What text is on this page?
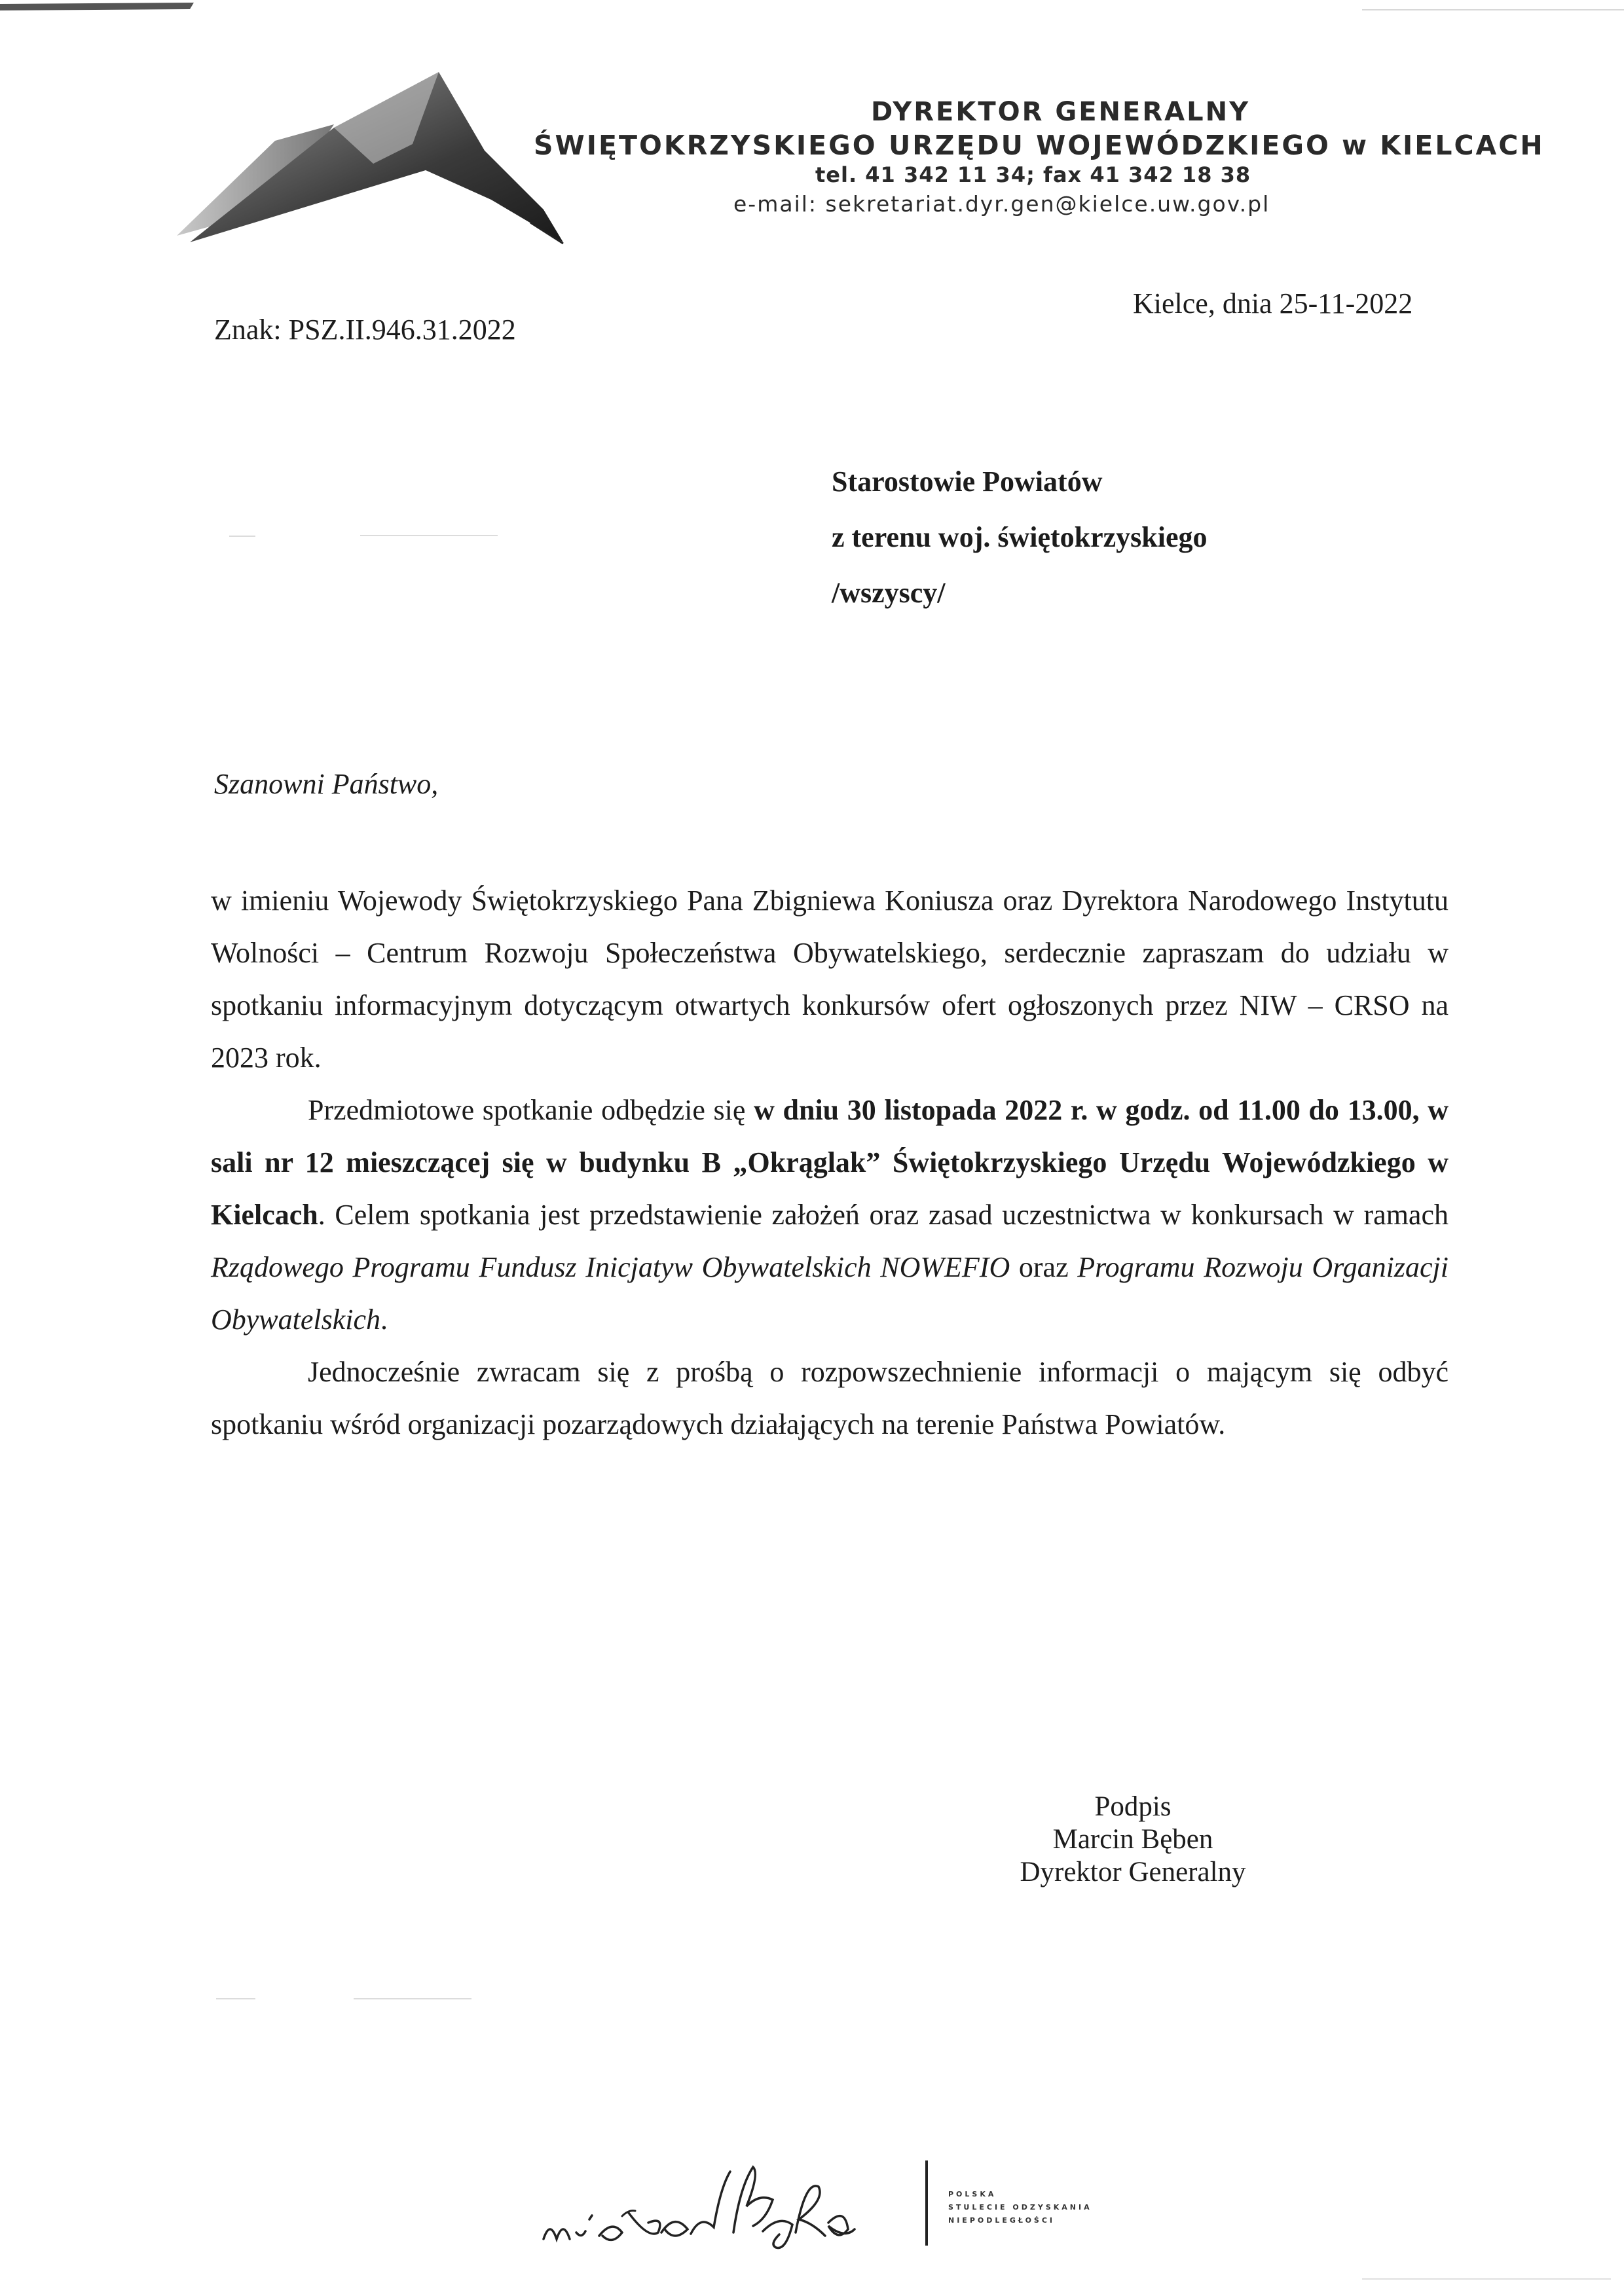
DYREKTOR GENERALNY
ŚWIĘTOKRZYSKIEGO URZĘDU WOJEWÓDZKIEGO w KIELCACH
tel. 41 342 11 34; fax 41 342 18 38
e-mail: sekretariat.dyr.gen@kielce.uw.gov.pl
Znak: PSZ.II.946.31.2022
Kielce, dnia 25-11-2022
Starostowie Powiatów
z terenu woj. świętokrzyskiego
/wszyscy/
Szanowni Państwo,

w imieniu Wojewody Świętokrzyskiego Pana Zbigniewa Koniusza oraz Dyrektora Narodowego Instytutu Wolności – Centrum Rozwoju Społeczeństwa Obywatelskiego, serdecznie zapraszam do udziału w spotkaniu informacyjnym dotyczącym otwartych konkursów ofert ogłoszonych przez NIW – CRSO na 2023 rok.

Przedmiotowe spotkanie odbędzie się w dniu 30 listopada 2022 r. w godz. od 11.00 do 13.00, w sali nr 12 mieszczącej się w budynku B „Okrąglak” Świętokrzyskiego Urzędu Wojewódzkiego w Kielcach. Celem spotkania jest przedstawienie założeń oraz zasad uczestnictwa w konkursach w ramach Rządowego Programu Fundusz Inicjatyw Obywatelskich NOWEFIO oraz Programu Rozwoju Organizacji Obywatelskich.

Jednocześnie zwracam się z prośbą o rozpowszechnienie informacji o mającym się odbyć spotkaniu wśród organizacji pozarządowych działających na terenie Państwa Powiatów.

Podpis
Marcin Bęben
Dyrektor Generalny
POLSKA
STULECIE ODZYSKANIA
NIEPODLEGŁOŚCI
